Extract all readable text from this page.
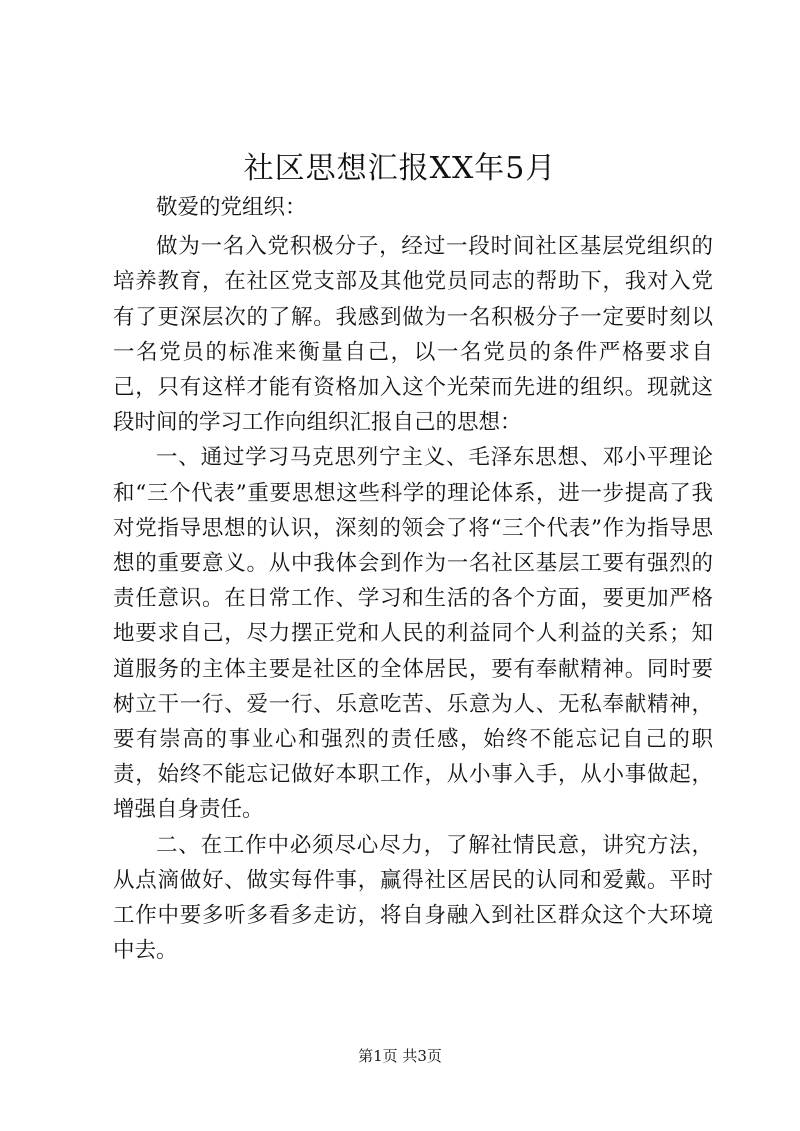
社区思想汇报XX年5月

敬爱的党组织：

做为一名入党积极分子，经过一段时间社区基层党组织的培养教育，在社区党支部及其他党员同志的帮助下，我对入党有了更深层次的了解。我感到做为一名积极分子一定要时刻以一名党员的标准来衡量自己，以一名党员的条件严格要求自己，只有这样才能有资格加入这个光荣而先进的组织。现就这段时间的学习工作向组织汇报自己的思想：

一、通过学习马克思列宁主义、毛泽东思想、邓小平理论和“三个代表”重要思想这些科学的理论体系，进一步提高了我对党指导思想的认识，深刻的领会了将“三个代表”作为指导思想的重要意义。从中我体会到作为一名社区基层工要有强烈的责任意识。在日常工作、学习和生活的各个方面，要更加严格地要求自己，尽力摆正党和人民的利益同个人利益的关系；知道服务的主体主要是社区的全体居民，要有奉献精神。同时要树立干一行、爱一行、乐意吃苦、乐意为人、无私奉献精神，要有崇高的事业心和强烈的责任感，始终不能忘记自己的职责，始终不能忘记做好本职工作，从小事入手，从小事做起，增强自身责任。

二、在工作中必须尽心尽力，了解社情民意，讲究方法，从点滴做好、做实每件事，赢得社区居民的认同和爱戴。平时工作中要多听多看多走访，将自身融入到社区群众这个大环境中去。

第1页 共3页
